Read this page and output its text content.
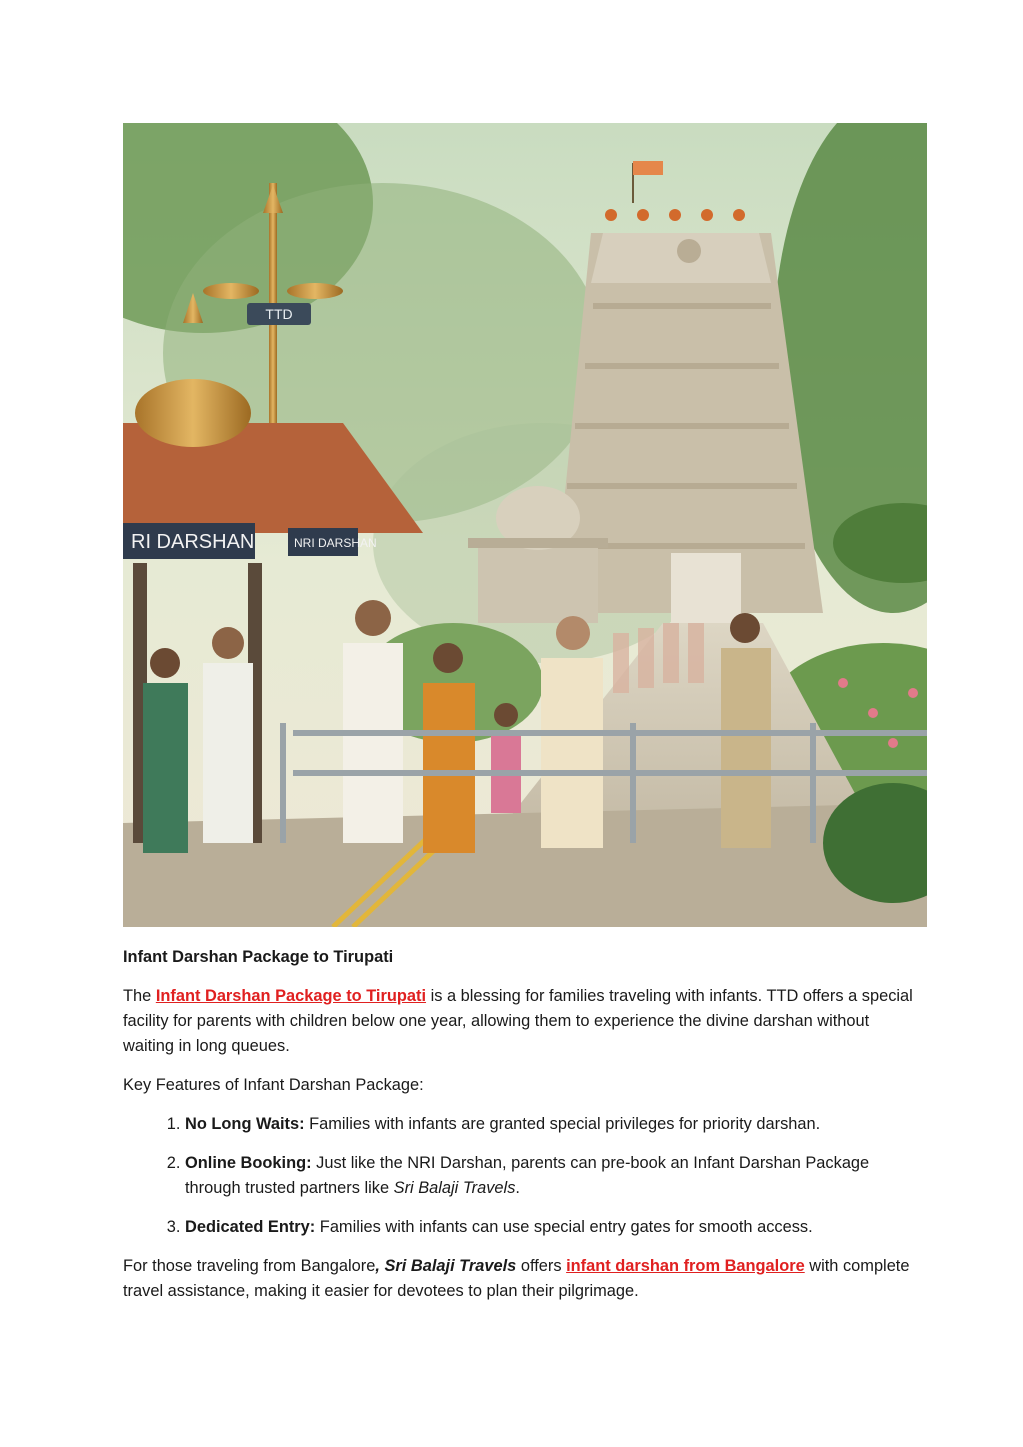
TTD
RI DARSHAN	NRI DARSHAN
Infant Darshan Package to Tirupati

The Infant Darshan Package to Tirupati is a blessing for families traveling with infants. TTD offers a special facility for parents with children below one year, allowing them to experience the divine darshan without waiting in long queues.

Key Features of Infant Darshan Package:

1. No Long Waits: Families with infants are granted special privileges for priority darshan.
2. Online Booking: Just like the NRI Darshan, parents can pre-book an Infant Darshan Package through trusted partners like Sri Balaji Travels.
3. Dedicated Entry: Families with infants can use special entry gates for smooth access.

For those traveling from Bangalore, Sri Balaji Travels offers infant darshan from Bangalore with complete travel assistance, making it easier for devotees to plan their pilgrimage.
